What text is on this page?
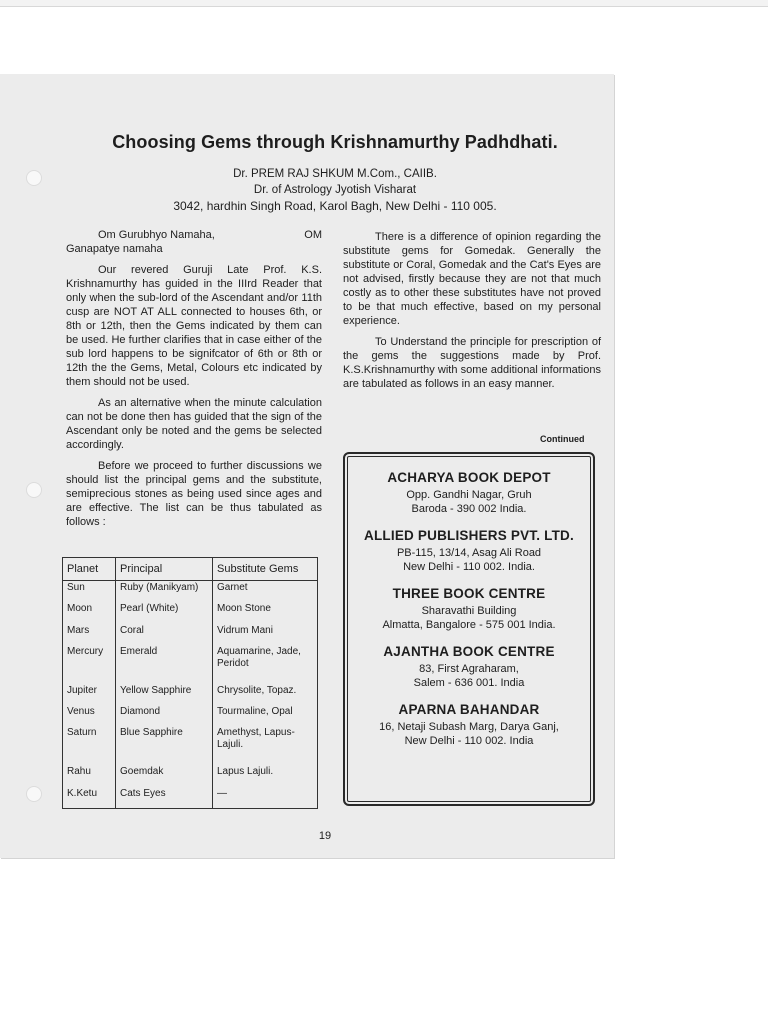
Choosing Gems through Krishnamurthy Padhdhati.
Dr. PREM RAJ SHKUM M.Com., CAIIB.
Dr. of Astrology Jyotish Visharat
3042, hardhin Singh Road, Karol Bagh, New Delhi - 110 005.

Om Gurubhyo Namaha,	OM

Ganapatye namaha

Our revered Guruji Late Prof. K.S. Krishnamurthy has guided in the IIIrd Reader that only when the sub-lord of the Ascendant and/or 11th cusp are NOT AT ALL connected to houses 6th, or 8th or 12th, then the Gems indicated by them can be used. He further clarifies that in case either of the sub lord happens to be signifcator of 6th or 8th or 12th the the Gems, Metal, Colours etc indicated by them should not be used.

As an alternative when the minute calculation can not be done then has guided that the sign of the Ascendant only be noted and the gems be selected accordingly.

Before we proceed to further discussions we should list the principal gems and the substitute, semiprecious stones as being used since ages and are effective. The list can be thus tabulated as follows :

Planet	Principal	Substitute Gems
Sun	Ruby (Manikyam)	Garnet
Moon	Pearl (White)	Moon Stone
Mars	Coral	Vidrum Mani
Mercury	Emerald	Aquamarine, Jade, Peridot
Jupiter	Yellow Sapphire	Chrysolite, Topaz.
Venus	Diamond	Tourmaline, Opal
Saturn	Blue Sapphire	Amethyst, Lapus-Lajuli.
Rahu	Goemdak	Lapus Lajuli.
K.Ketu	Cats Eyes	—

There is a difference of opinion regarding the substitute gems for Gomedak. Generally the substitute or Coral, Gomedak and the Cat's Eyes are not advised, firstly because they are not that much costly as to other these substitutes have not proved to be that much effective, based on my personal experience.

To Understand the principle for prescription of the gems the suggestions made by Prof. K.S.Krishnamurthy with some additional informations are tabulated as follows in an easy manner.

Continued
ACHARYA BOOK DEPOT
Opp. Gandhi Nagar, Gruh
Baroda - 390 002 India.
ALLIED PUBLISHERS PVT. LTD.
PB-115, 13/14, Asag Ali Road
New Delhi - 110 002. India.
THREE BOOK CENTRE
Sharavathi Building
Almatta, Bangalore - 575 001 India.
AJANTHA BOOK CENTRE
83, First Agraharam,
Salem - 636 001. India
APARNA BAHANDAR
16, Netaji Subash Marg, Darya Ganj,
New Delhi - 110 002. India
19
